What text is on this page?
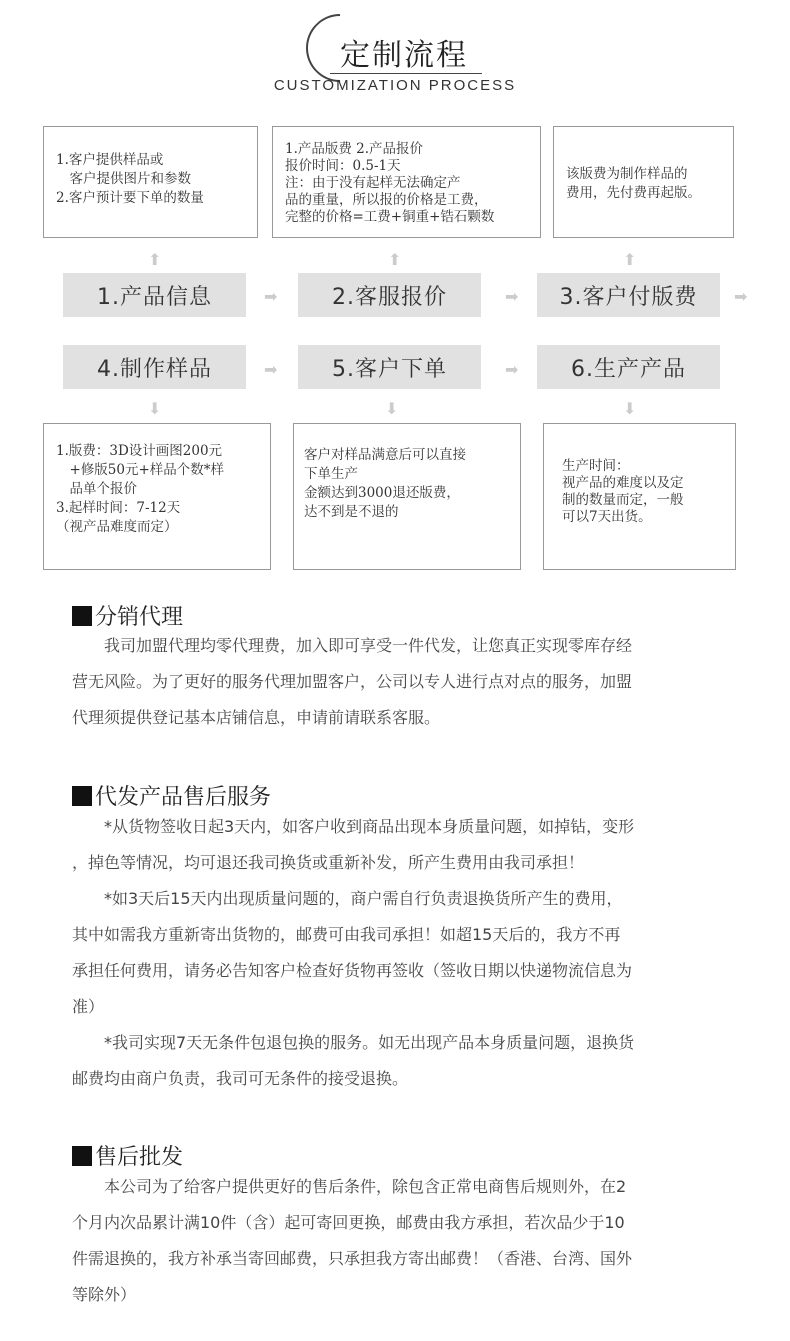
定制流程
CUSTOMIZATION PROCESS
1.客户提供样品或
　客户提供图片和参数
2.客户预计要下单的数量
1.产品版费 2.产品报价
报价时间：0.5-1天
注：由于没有起样无法确定产
品的重量，所以报的价格是工费，
完整的价格=工费+铜重+锆石颗数
该版费为制作样品的
费用，先付费再起版。
⬆	⬆	⬆
1.产品信息	2.客服报价	3.客户付版费
➡	➡	➡
4.制作样品	5.客户下单	6.生产产品
➡	➡
⬇	⬇	⬇
1.版费：3D设计画图200元
　+修版50元+样品个数*样
　品单个报价
3.起样时间：7-12天
（视产品难度而定）
客户对样品满意后可以直接
下单生产
金额达到3000退还版费，
达不到是不退的
生产时间：
视产品的难度以及定
制的数量而定，一般
可以7天出货。
分销代理
　　我司加盟代理均零代理费，加入即可享受一件代发，让您真正实现零库存经
营无风险。为了更好的服务代理加盟客户，公司以专人进行点对点的服务，加盟
代理须提供登记基本店铺信息，申请前请联系客服。
代发产品售后服务
　　*从货物签收日起3天内，如客户收到商品出现本身质量问题，如掉钻，变形
，掉色等情况，均可退还我司换货或重新补发，所产生费用由我司承担！
　　*如3天后15天内出现质量问题的，商户需自行负责退换货所产生的费用，
其中如需我方重新寄出货物的，邮费可由我司承担！如超15天后的，我方不再
承担任何费用，请务必告知客户检查好货物再签收（签收日期以快递物流信息为
准）
　　*我司实现7天无条件包退包换的服务。如无出现产品本身质量问题，退换货
邮费均由商户负责，我司可无条件的接受退换。
售后批发
　　本公司为了给客户提供更好的售后条件，除包含正常电商售后规则外，在2
个月内次品累计满10件（含）起可寄回更换，邮费由我方承担，若次品少于10
件需退换的，我方补承当寄回邮费，只承担我方寄出邮费！（香港、台湾、国外
等除外）
